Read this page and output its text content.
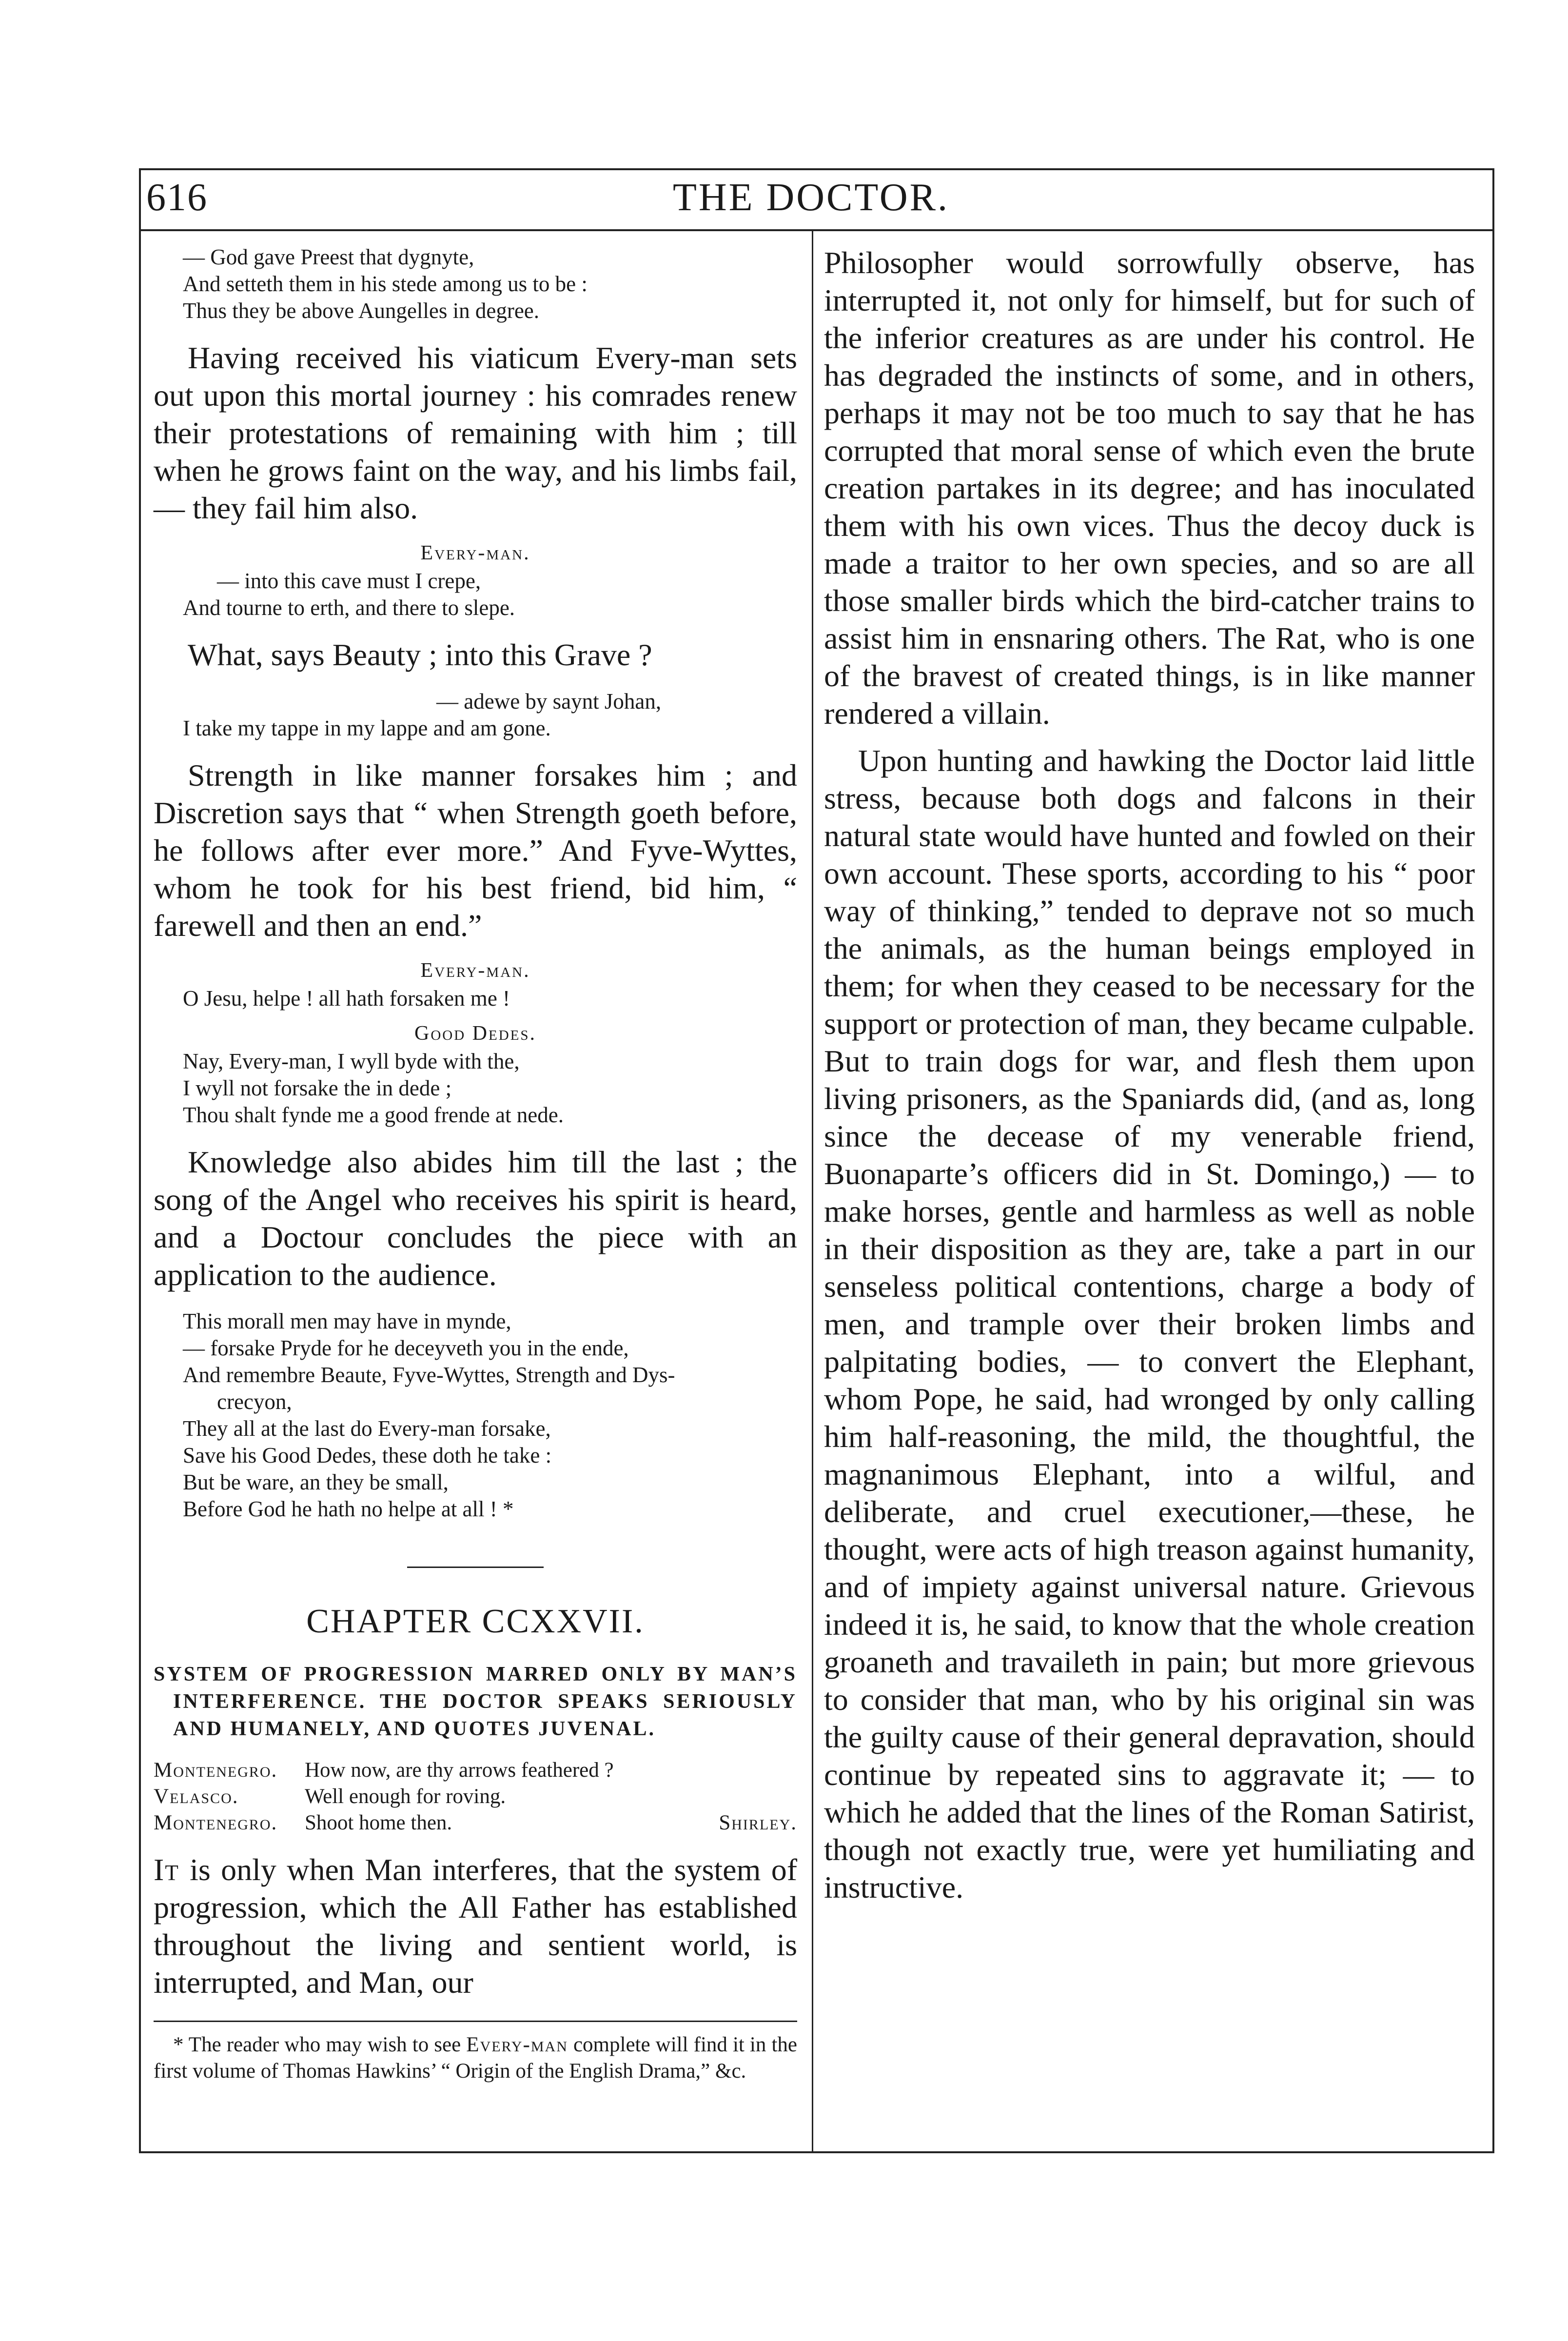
616	THE DOCTOR.
— God gave Preest that dygnyte,
And setteth them in his stede among us to be :
Thus they be above Aungelles in degree.

Having received his viaticum Every-man sets out upon this mortal journey : his comrades renew their protestations of remaining with him ; till when he grows faint on the way, and his limbs fail, — they fail him also.

Every-man.
— into this cave must I crepe,
And tourne to erth, and there to slepe.

What, says Beauty ; into this Grave ?

— adewe by saynt Johan,
I take my tappe in my lappe and am gone.

Strength in like manner forsakes him ; and Discretion says that “ when Strength goeth before, he follows after ever more.” And Fyve-Wyttes, whom he took for his best friend, bid him, “ farewell and then an end.”

Every-man.
O Jesu, helpe ! all hath forsaken me !
Good Dedes.
Nay, Every-man, I wyll byde with the,
I wyll not forsake the in dede ;
Thou shalt fynde me a good frende at nede.

Knowledge also abides him till the last ; the song of the Angel who receives his spirit is heard, and a Doctour concludes the piece with an application to the audience.

This morall men may have in mynde,
— forsake Pryde for he deceyveth you in the ende,
And remembre Beaute, Fyve-Wyttes, Strength and Dys-
crecyon,
They all at the last do Every-man forsake,
Save his Good Dedes, these doth he take :
But be ware, an they be small,
Before God he hath no helpe at all ! *
CHAPTER CCXXVII.

SYSTEM OF PROGRESSION MARRED ONLY BY MAN’S INTERFERENCE. THE DOCTOR SPEAKS SERIOUSLY AND HUMANELY, AND QUOTES JUVENAL.

Montenegro.	How now, are thy arrows feathered ?
Velasco.	Well enough for roving.
Montenegro.	Shoot home then.	Shirley.

It is only when Man interferes, that the system of progression, which the All Father has established throughout the living and sentient world, is interrupted, and Man, our

* The reader who may wish to see Every-man complete will find it in the first volume of Thomas Hawkins’ “ Origin of the English Drama,” &c.

Philosopher would sorrowfully observe, has interrupted it, not only for himself, but for such of the inferior creatures as are under his control. He has degraded the instincts of some, and in others, perhaps it may not be too much to say that he has corrupted that moral sense of which even the brute creation partakes in its degree; and has inoculated them with his own vices. Thus the decoy duck is made a traitor to her own species, and so are all those smaller birds which the bird-catcher trains to assist him in ensnaring others. The Rat, who is one of the bravest of created things, is in like manner rendered a villain.

Upon hunting and hawking the Doctor laid little stress, because both dogs and falcons in their natural state would have hunted and fowled on their own account. These sports, according to his “ poor way of thinking,” tended to deprave not so much the animals, as the human beings employed in them; for when they ceased to be necessary for the support or protection of man, they became culpable. But to train dogs for war, and flesh them upon living prisoners, as the Spaniards did, (and as, long since the decease of my venerable friend, Buonaparte’s officers did in St. Domingo,) — to make horses, gentle and harmless as well as noble in their disposition as they are, take a part in our senseless political contentions, charge a body of men, and trample over their broken limbs and palpitating bodies, — to convert the Elephant, whom Pope, he said, had wronged by only calling him half-reasoning, the mild, the thoughtful, the magnanimous Elephant, into a wilful, and deliberate, and cruel executioner,—these, he thought, were acts of high treason against humanity, and of impiety against universal nature. Grievous indeed it is, he said, to know that the whole creation groaneth and travaileth in pain; but more grievous to consider that man, who by his original sin was the guilty cause of their general depravation, should continue by repeated sins to aggravate it; — to which he added that the lines of the Roman Satirist, though not exactly true, were yet humiliating and instructive.
